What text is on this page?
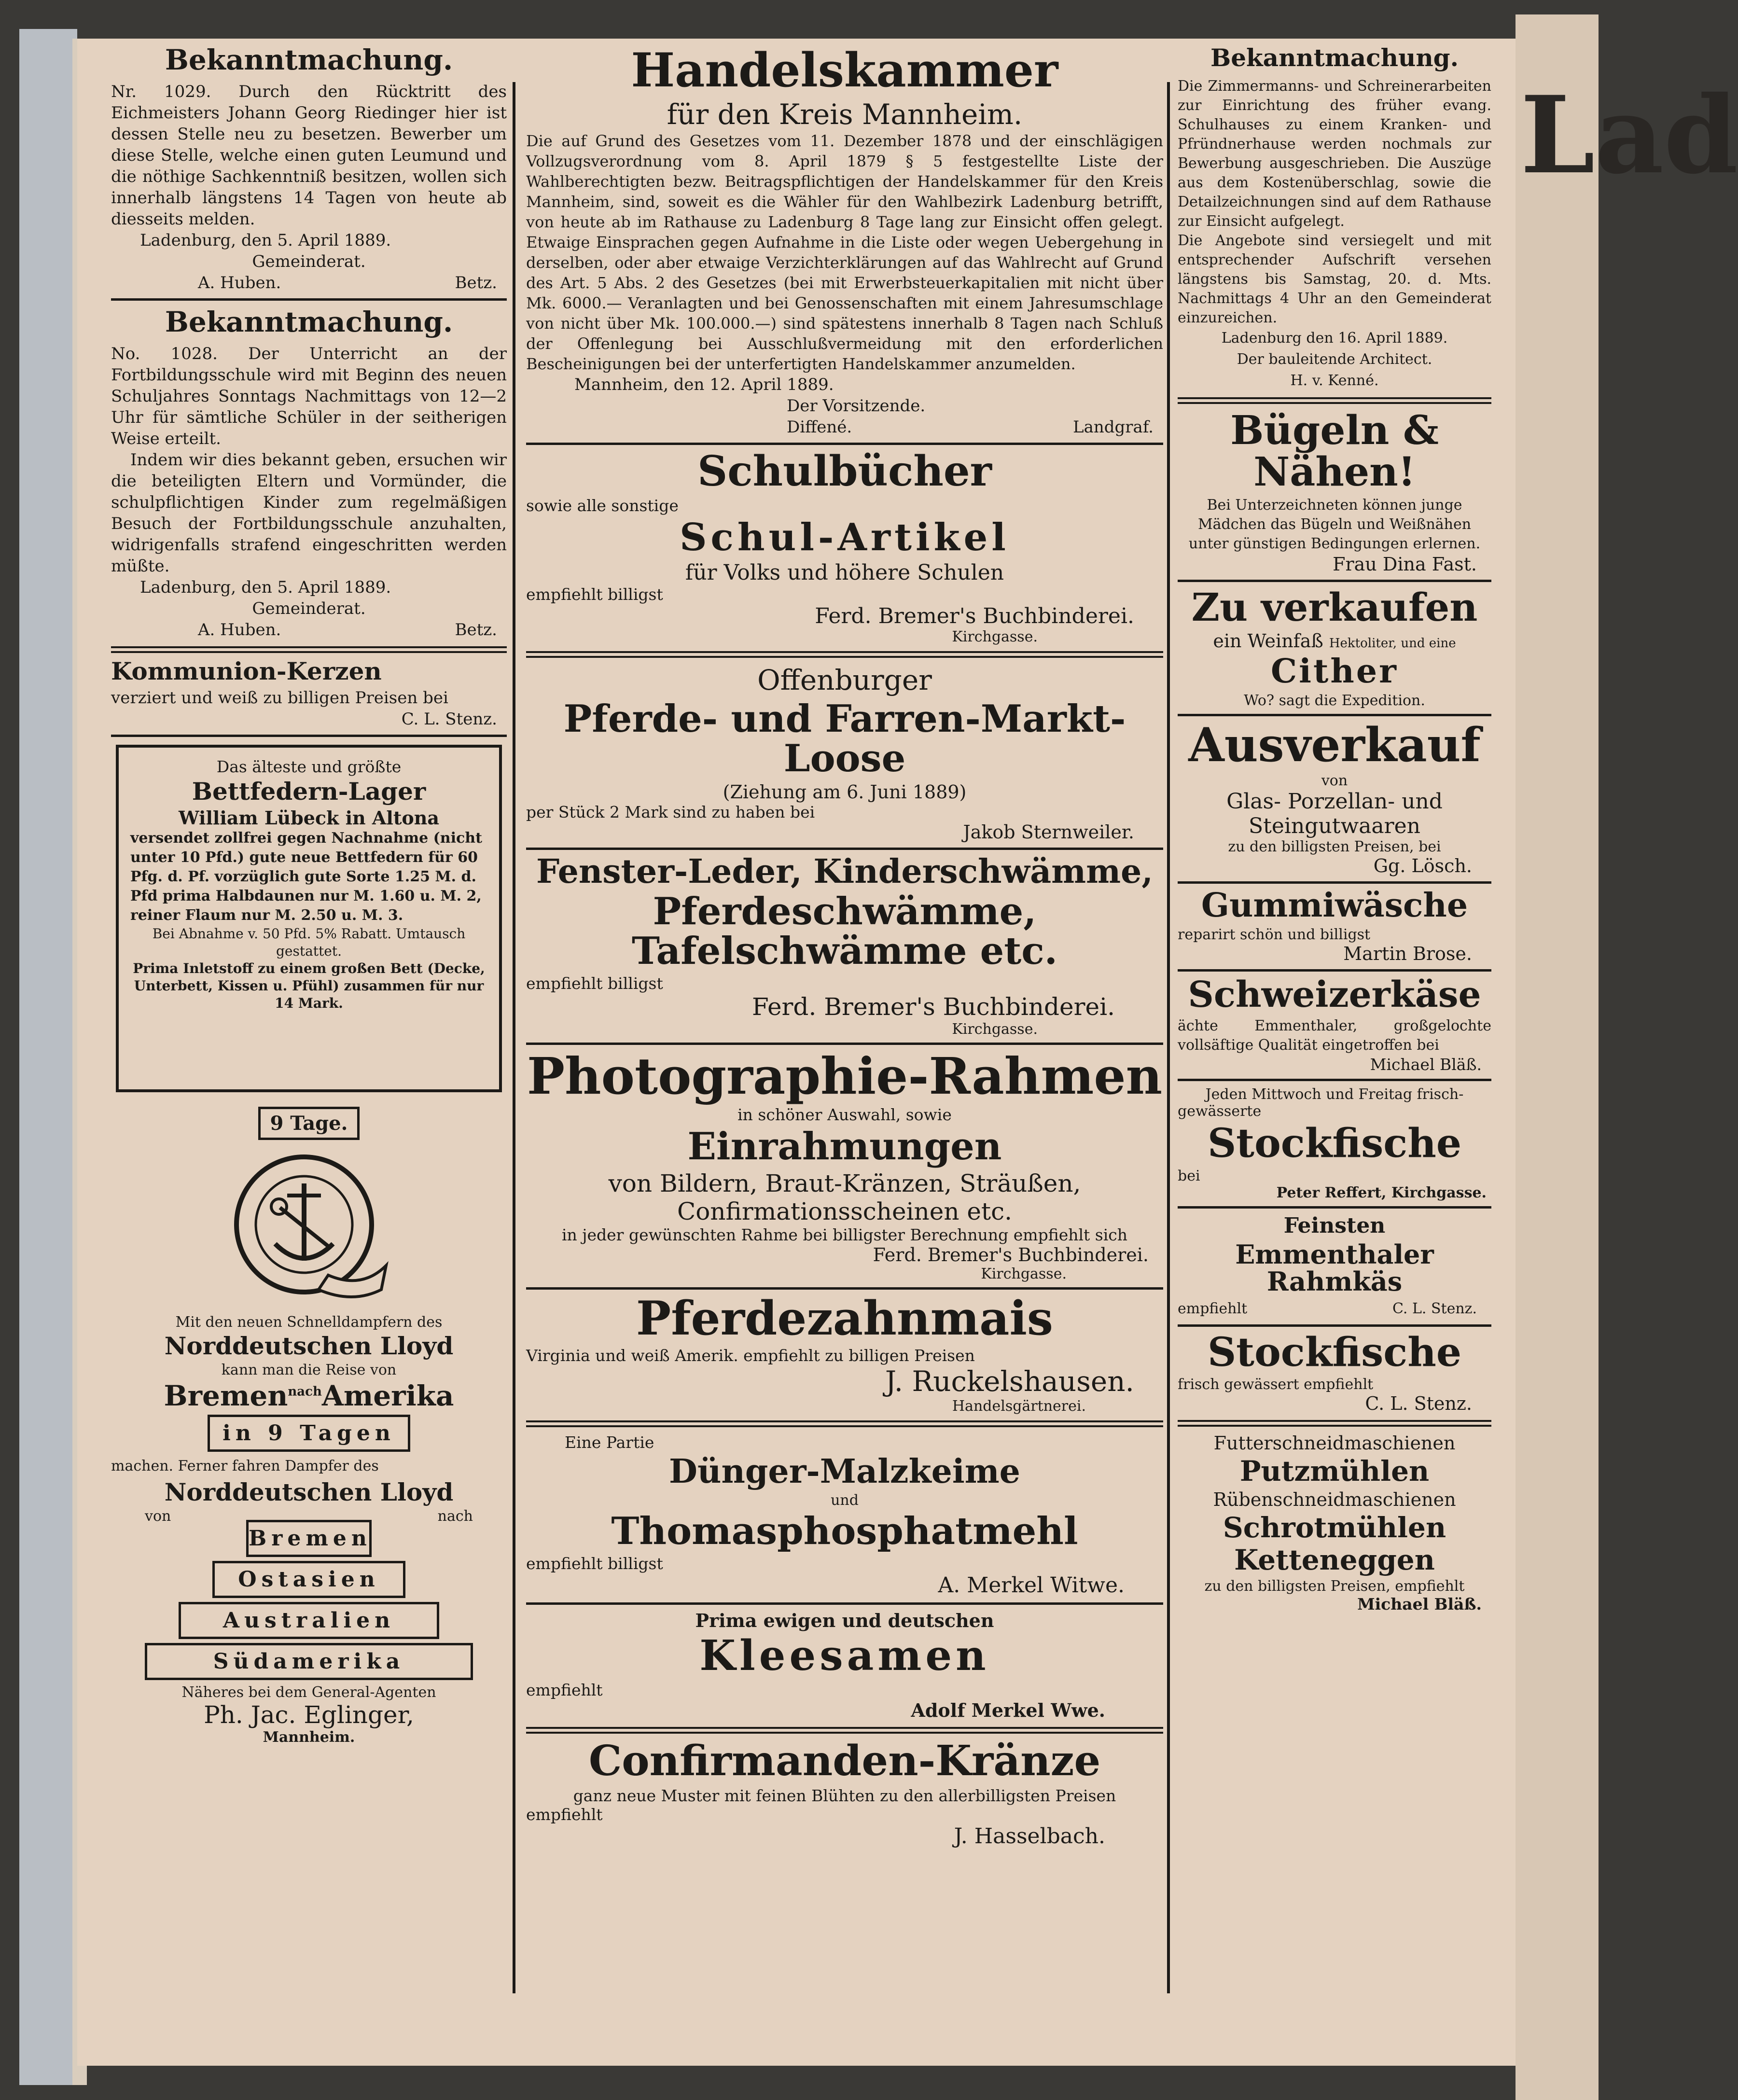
Lad
Bekanntmachung.

Nr. 1029. Durch den Rücktritt des Eichmeisters Johann Georg Riedinger hier ist dessen Stelle neu zu besetzen. Bewerber um diese Stelle, welche einen guten Leumund und die nöthige Sachkenntniß besitzen, wollen sich innerhalb längstens 14 Tagen von heute ab diesseits melden.

Ladenburg, den 5. April 1889.
Gemeinderat.
A. Huben.	Betz.
Bekanntmachung.

No. 1028. Der Unterricht an der Fortbildungsschule wird mit Beginn des neuen Schuljahres Sonntags Nachmittags von 12—2 Uhr für sämtliche Schüler in der seitherigen Weise erteilt.

Indem wir dies bekannt geben, ersuchen wir die beteiligten Eltern und Vormünder, die schulpflichtigen Kinder zum regelmäßigen Besuch der Fortbildungsschule anzuhalten, widrigenfalls strafend eingeschritten werden müßte.

Ladenburg, den 5. April 1889.
Gemeinderat.
A. Huben.	Betz.
Kommunion-Kerzen

verziert und weiß zu billigen Preisen bei

C. L. Stenz.
Das älteste und größte
Bettfedern-Lager
William Lübeck in Altona

versendet zollfrei gegen Nachnahme (nicht unter 10 Pfd.) gute neue Bettfedern für 60 Pfg. d. Pf. vorzüglich gute Sorte 1.25 M. d. Pfd prima Halbdaunen nur M. 1.60 u. M. 2, reiner Flaum nur M. 2.50 u. M. 3.

Bei Abnahme v. 50 Pfd. 5% Rabatt. Umtausch gestattet.

Prima Inletstoff zu einem großen Bett (Decke, Unterbett, Kissen u. Pfühl) zusammen für nur 14 Mark.

9 Tage.
Mit den neuen Schnelldampfern des
Norddeutschen Lloyd
kann man die Reise von
Bremen$^{nach}$Amerika
in 9 Tagen
machen. Ferner fahren Dampfer des
Norddeutschen Lloyd
von	nach
Bremen
Ostasien
Australien
Südamerika
Näheres bei dem General-Agenten
Ph. Jac. Eglinger,
Mannheim.
Handelskammer
für den Kreis Mannheim.

Die auf Grund des Gesetzes vom 11. Dezember 1878 und der einschlägigen Vollzugsverordnung vom 8. April 1879 § 5 festgestellte Liste der Wahlberechtigten bezw. Beitragspflichtigen der Handelskammer für den Kreis Mannheim, sind, soweit es die Wähler für den Wahlbezirk Ladenburg betrifft, von heute ab im Rathause zu Ladenburg 8 Tage lang zur Einsicht offen gelegt. Etwaige Einsprachen gegen Aufnahme in die Liste oder wegen Uebergehung in derselben, oder aber etwaige Verzichterklärungen auf das Wahlrecht auf Grund des Art. 5 Abs. 2 des Gesetzes (bei mit Erwerbsteuerkapitalien mit nicht über Mk. 6000.— Veranlagten und bei Genossenschaften mit einem Jahresumschlage von nicht über Mk. 100.000.—) sind spätestens innerhalb 8 Tagen nach Schluß der Offenlegung bei Ausschlußvermeidung mit den erforderlichen Bescheinigungen bei der unterfertigten Handelskammer anzumelden.

Mannheim, den 12. April 1889.
Der Vorsitzende.
Diffené.	Landgraf.
Schulbücher
sowie alle sonstige
Schul-Artikel
für Volks und höhere Schulen
empfiehlt billigst
Ferd. Bremer's Buchbinderei.
Kirchgasse.
Offenburger
Pferde- und Farren-Markt-Loose
(Ziehung am 6. Juni 1889)
per Stück 2 Mark sind zu haben bei
Jakob Sternweiler.
Fenster-Leder, Kinderschwämme,
Pferdeschwämme, Tafelschwämme etc.
empfiehlt billigst
Ferd. Bremer's Buchbinderei.
Kirchgasse.
Photographie-Rahmen
in schöner Auswahl, sowie
Einrahmungen
von Bildern, Braut-Kränzen, Sträußen,
Confirmationsscheinen etc.
in jeder gewünschten Rahme bei billigster Berechnung empfiehlt sich
Ferd. Bremer's Buchbinderei.
Kirchgasse.
Pferdezahnmais
Virginia und weiß Amerik. empfiehlt zu billigen Preisen
J. Ruckelshausen.
Handelsgärtnerei.
Eine Partie
Dünger-Malzkeime
und
Thomasphosphatmehl
empfiehlt billigst
A. Merkel Witwe.
Prima ewigen und deutschen
Kleesamen
empfiehlt
Adolf Merkel Wwe.
Confirmanden-Kränze
ganz neue Muster mit feinen Blühten zu den allerbilligsten Preisen
empfiehlt
J. Hasselbach.
Bekanntmachung.

Die Zimmermanns- und Schreinerarbeiten zur Einrichtung des früher evang. Schulhauses zu einem Kranken- und Pfründnerhause werden nochmals zur Bewerbung ausgeschrieben. Die Auszüge aus dem Kostenüberschlag, sowie die Detailzeichnungen sind auf dem Rathause zur Einsicht aufgelegt.

Die Angebote sind versiegelt und mit entsprechender Aufschrift versehen längstens bis Samstag, 20. d. Mts. Nachmittags 4 Uhr an den Gemeinderat einzureichen.

Ladenburg den 16. April 1889.
Der bauleitende Architect.
H. v. Kenné.
Bügeln & Nähen!

Bei Unterzeichneten können junge Mädchen das Bügeln und Weißnähen unter günstigen Bedingungen erlernen.

Frau Dina Fast.
Zu verkaufen
ein Weinfaß Hektoliter, und eine
Cither
Wo? sagt die Expedition.
Ausverkauf
von
Glas- Porzellan- und
Steingutwaaren
zu den billigsten Preisen, bei
Gg. Lösch.
Gummiwäsche
reparirt schön und billigst
Martin Brose.
Schweizerkäse

ächte Emmenthaler, großgelochte vollsäftige Qualität eingetroffen bei

Michael Bläß.
Jeden Mittwoch und Freitag frisch-
gewässerte
Stockfische
bei
Peter Reffert, Kirchgasse.
Feinsten
Emmenthaler Rahmkäs
empfiehlt	C. L. Stenz.
Stockfische
frisch gewässert empfiehlt
C. L. Stenz.
Futterschneidmaschienen
Putzmühlen
Rübenschneidmaschienen
Schrotmühlen
Ketteneggen
zu den billigsten Preisen, empfiehlt
Michael Bläß.
